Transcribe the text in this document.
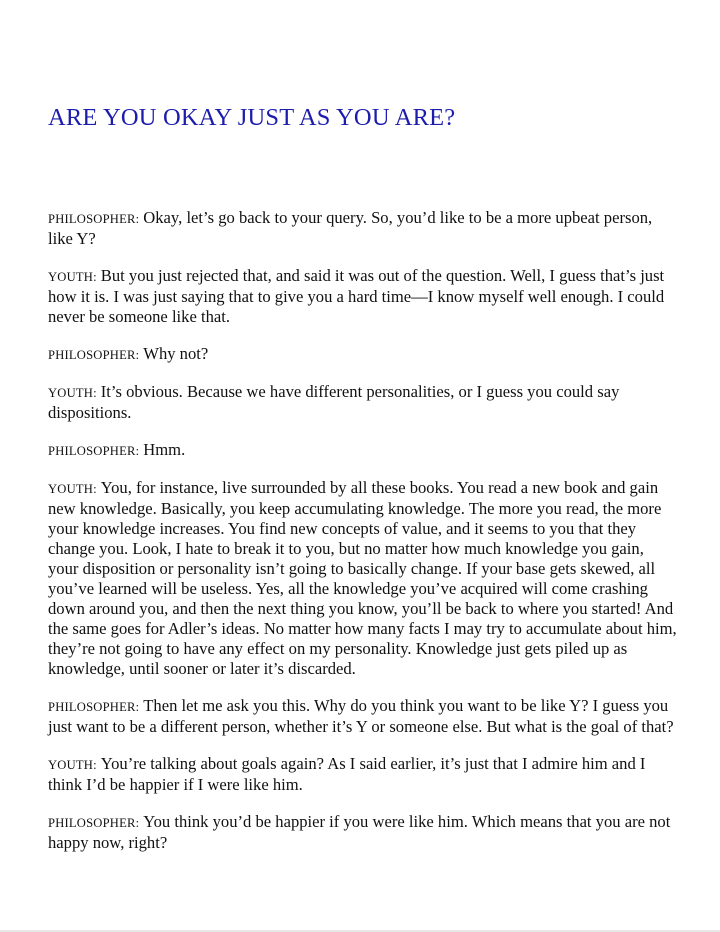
ARE YOU OKAY JUST AS YOU ARE?

PHILOSOPHER: Okay, let’s go back to your query. So, you’d like to be a more upbeat person, like Y?

YOUTH: But you just rejected that, and said it was out of the question. Well, I guess that’s just how it is. I was just saying that to give you a hard time—I know myself well enough. I could never be someone like that.

PHILOSOPHER: Why not?

YOUTH: It’s obvious. Because we have different personalities, or I guess you could say dispositions.

PHILOSOPHER: Hmm.

YOUTH: You, for instance, live surrounded by all these books. You read a new book and gain new knowledge. Basically, you keep accumulating knowledge. The more you read, the more your knowledge increases. You find new concepts of value, and it seems to you that they change you. Look, I hate to break it to you, but no matter how much knowledge you gain, your disposition or personality isn’t going to basically change. If your base gets skewed, all you’ve learned will be useless. Yes, all the knowledge you’ve acquired will come crashing down around you, and then the next thing you know, you’ll be back to where you started! And the same goes for Adler’s ideas. No matter how many facts I may try to accumulate about him, they’re not going to have any effect on my personality. Knowledge just gets piled up as knowledge, until sooner or later it’s discarded.

PHILOSOPHER: Then let me ask you this. Why do you think you want to be like Y? I guess you just want to be a different person, whether it’s Y or someone else. But what is the goal of that?

YOUTH: You’re talking about goals again? As I said earlier, it’s just that I admire him and I think I’d be happier if I were like him.

PHILOSOPHER: You think you’d be happier if you were like him. Which means that you are not happy now, right?
